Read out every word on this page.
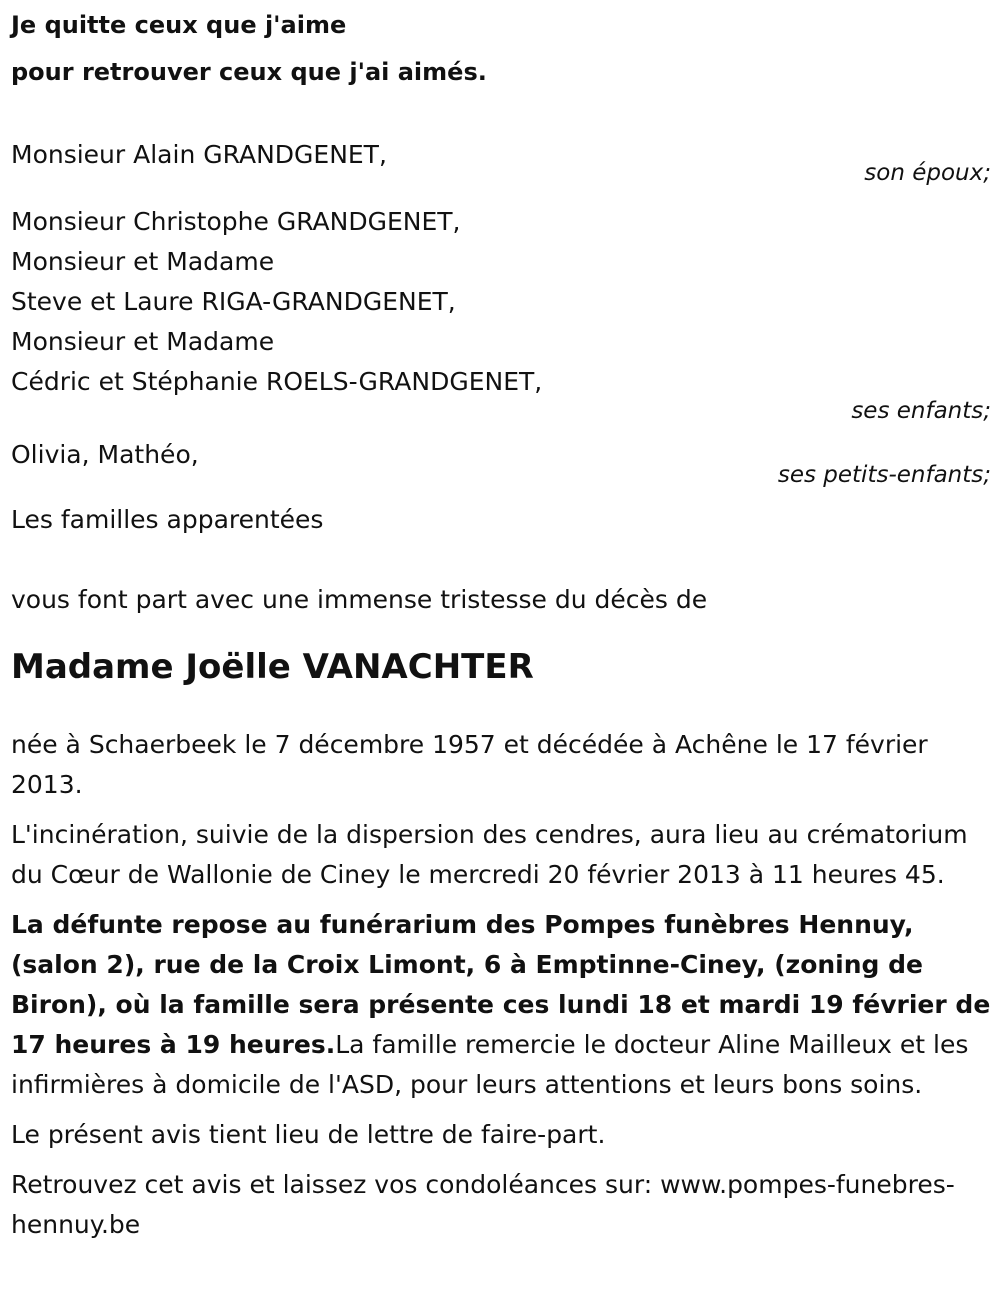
Je quitte ceux que j'aime
pour retrouver ceux que j'ai aimés.
Monsieur Alain GRANDGENET,
son époux;
Monsieur Christophe GRANDGENET,
Monsieur et Madame
Steve et Laure RIGA-GRANDGENET,
Monsieur et Madame
Cédric et Stéphanie ROELS-GRANDGENET,
ses enfants;
Olivia, Mathéo,
ses petits-enfants;
Les familles apparentées
vous font part avec une immense tristesse du décès de
Madame Joëlle VANACHTER
née à Schaerbeek le 7 décembre 1957 et décédée à Achêne le 17 février 2013.
L'incinération, suivie de la dispersion des cendres, aura lieu au crématorium du Cœur de Wallonie de Ciney le mercredi 20 février 2013 à 11 heures 45.
La défunte repose au funérarium des Pompes funèbres Hennuy, (salon 2), rue de la Croix Limont, 6 à Emptinne-Ciney, (zoning de Biron), où la famille sera présente ces lundi 18 et mardi 19 février de 17 heures à 19 heures.La famille remercie le docteur Aline Mailleux et les infirmières à domicile de l'ASD, pour leurs attentions et leurs bons soins.
Le présent avis tient lieu de lettre de faire-part.
Retrouvez cet avis et laissez vos condoléances sur: www.pompes-funebres-hennuy.be
